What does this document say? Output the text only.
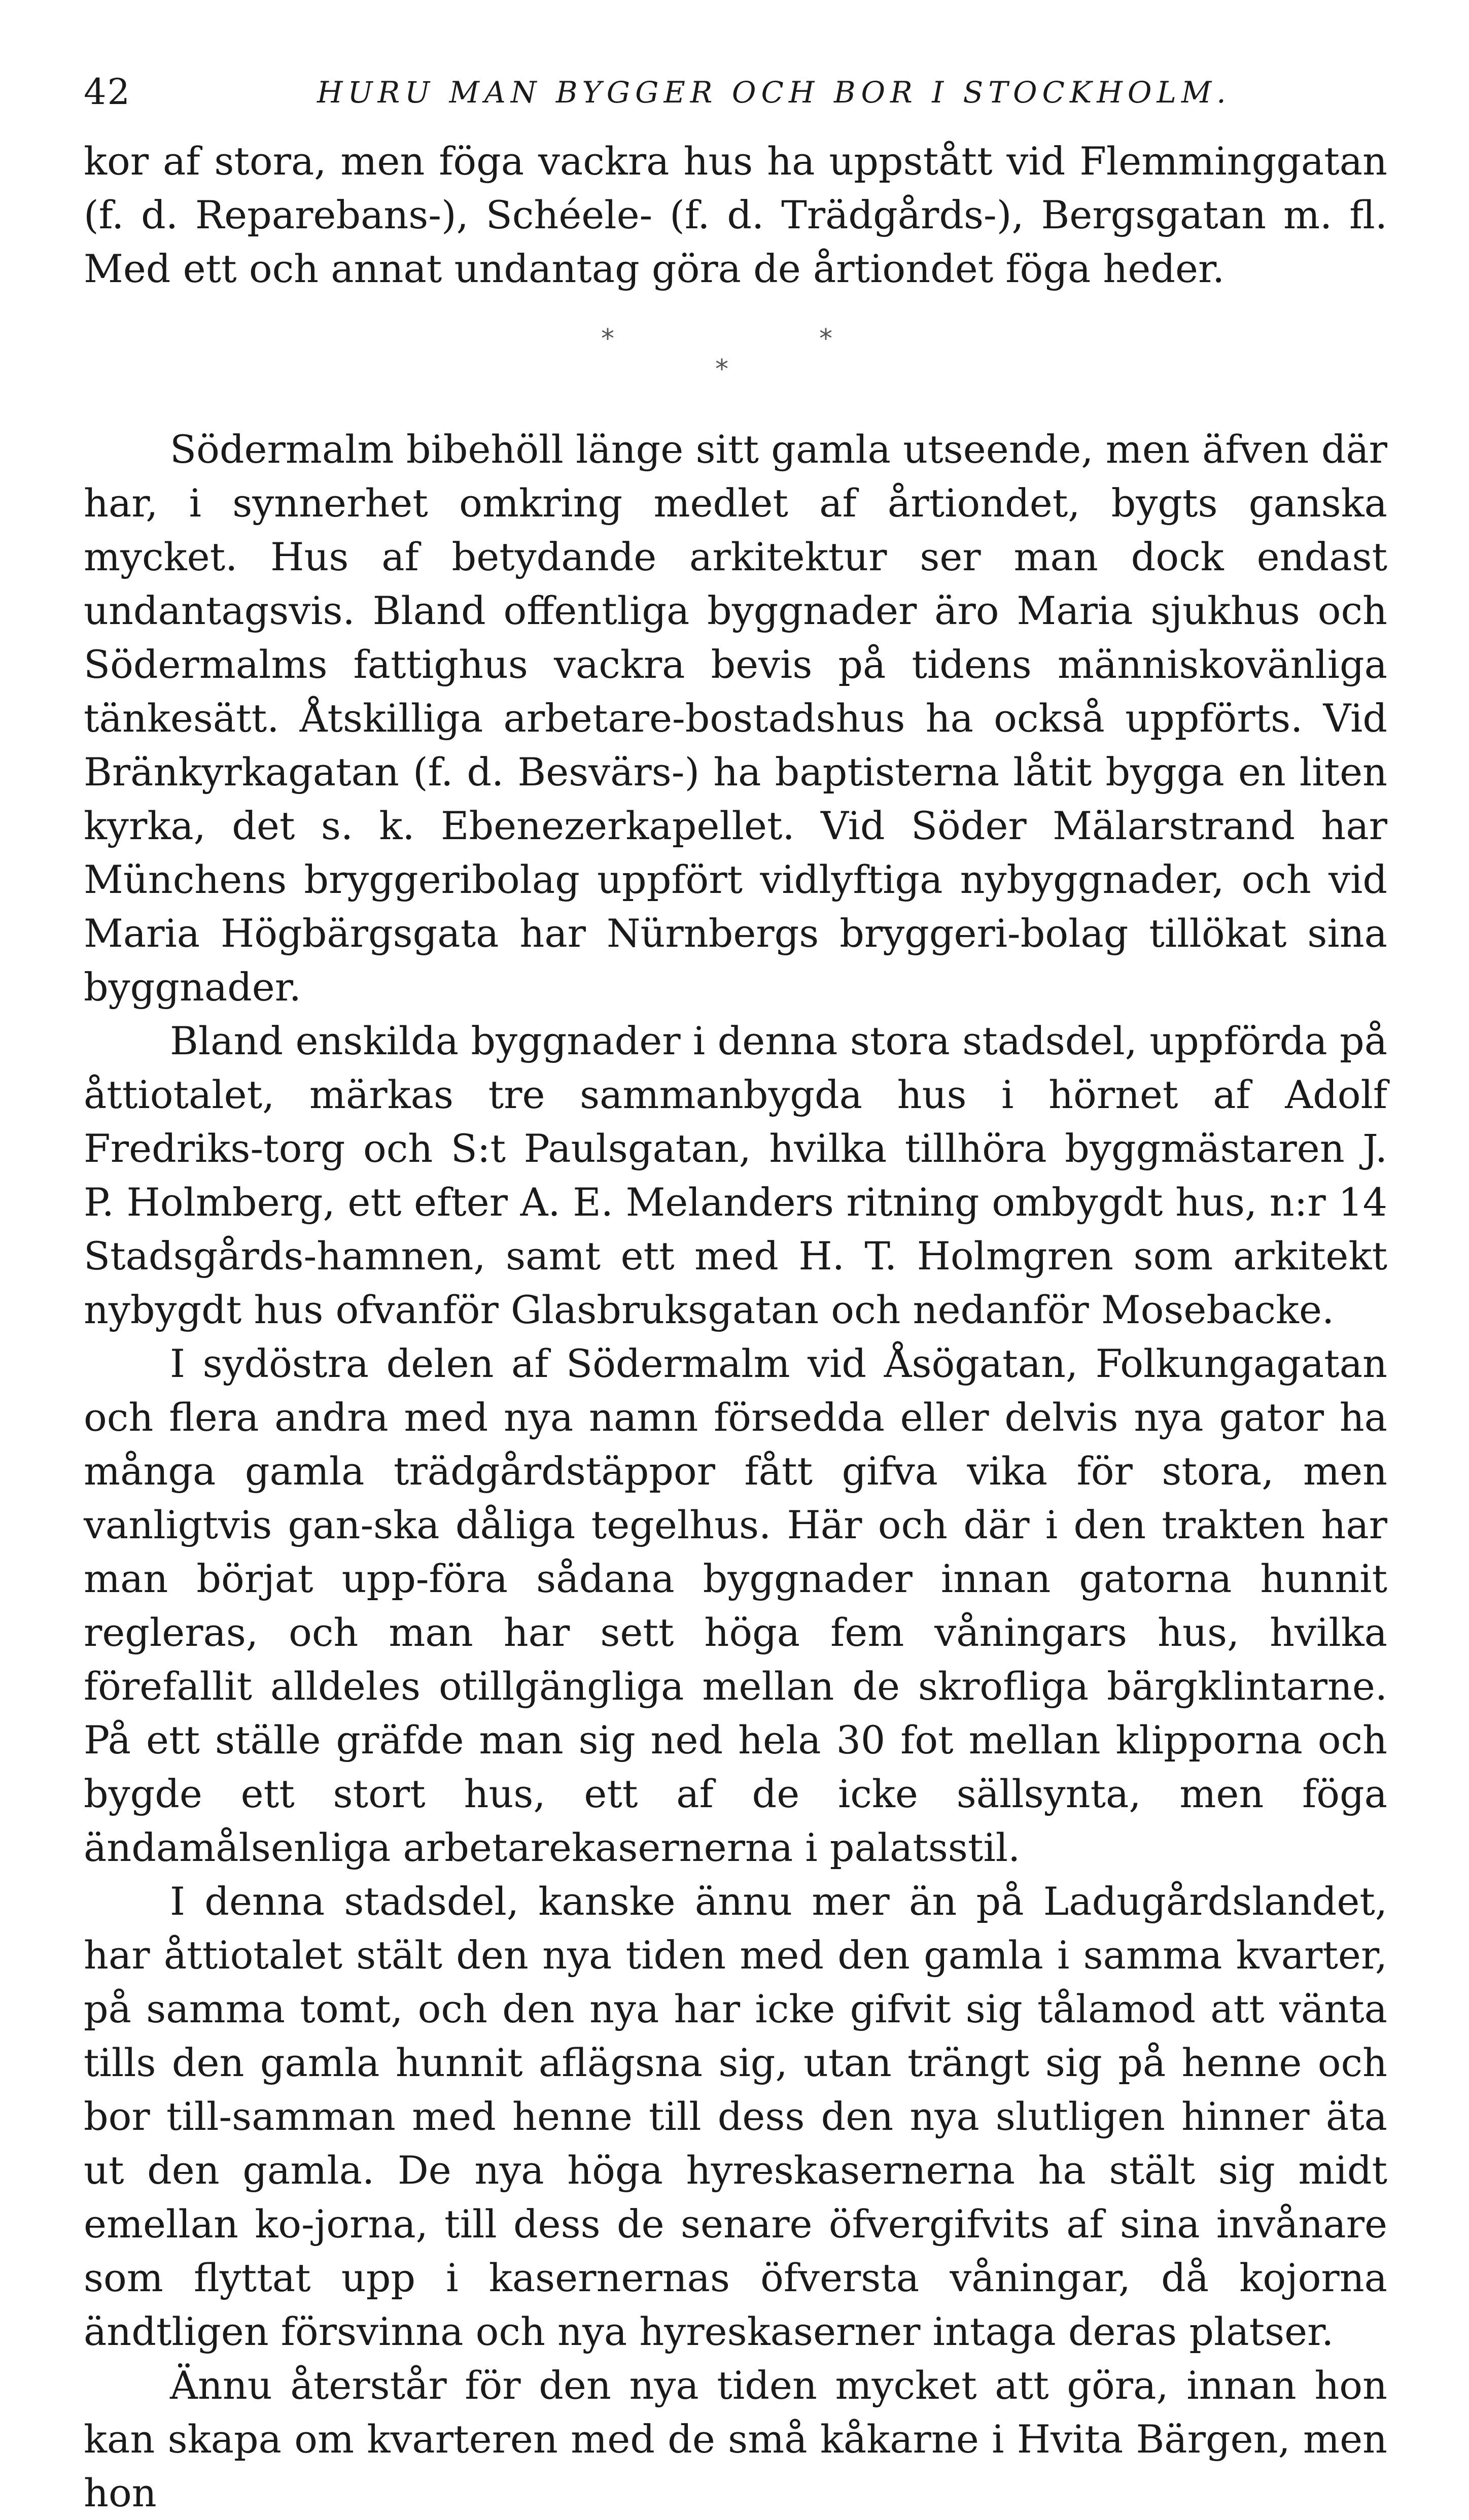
42	HURU MAN BYGGER OCH BOR I STOCKHOLM.

kor af stora, men föga vackra hus ha uppstått vid Flemminggatan (f. d. Reparebans-), Schéele- (f. d. Trädgårds-), Bergsgatan m. fl. Med ett och annat undantag göra de årtiondet föga heder.

*	*
*

Södermalm bibehöll länge sitt gamla utseende, men äfven där har, i synnerhet omkring medlet af årtiondet, bygts ganska mycket. Hus af betydande arkitektur ser man dock endast undantagsvis. Bland offentliga byggnader äro Maria sjukhus och Södermalms fattighus vackra bevis på tidens människovänliga tänkesätt. Åtskilliga arbetare-bostadshus ha också uppförts. Vid Bränkyrkagatan (f. d. Besvärs-) ha baptisterna låtit bygga en liten kyrka, det s. k. Ebenezerkapellet. Vid Söder Mälarstrand har Münchens bryggeribolag uppfört vidlyftiga nybyggnader, och vid Maria Högbärgsgata har Nürnbergs bryggeri-bolag tillökat sina byggnader.

Bland enskilda byggnader i denna stora stadsdel, uppförda på åttiotalet, märkas tre sammanbygda hus i hörnet af Adolf Fredriks-torg och S:t Paulsgatan, hvilka tillhöra byggmästaren J. P. Holmberg, ett efter A. E. Melanders ritning ombygdt hus, n:r 14 Stadsgårds-hamnen, samt ett med H. T. Holmgren som arkitekt nybygdt hus ofvanför Glasbruksgatan och nedanför Mosebacke.

I sydöstra delen af Södermalm vid Åsögatan, Folkungagatan och flera andra med nya namn försedda eller delvis nya gator ha många gamla trädgårdstäppor fått gifva vika för stora, men vanligtvis gan-ska dåliga tegelhus. Här och där i den trakten har man börjat upp-föra sådana byggnader innan gatorna hunnit regleras, och man har sett höga fem våningars hus, hvilka förefallit alldeles otillgängliga mellan de skrofliga bärgklintarne. På ett ställe gräfde man sig ned hela 30 fot mellan klipporna och bygde ett stort hus, ett af de icke sällsynta, men föga ändamålsenliga arbetarekasernerna i palatsstil.

I denna stadsdel, kanske ännu mer än på Ladugårdslandet, har åttiotalet stält den nya tiden med den gamla i samma kvarter, på samma tomt, och den nya har icke gifvit sig tålamod att vänta tills den gamla hunnit aflägsna sig, utan trängt sig på henne och bor till-samman med henne till dess den nya slutligen hinner äta ut den gamla. De nya höga hyreskasernerna ha stält sig midt emellan ko-jorna, till dess de senare öfvergifvits af sina invånare som flyttat upp i kasernernas öfversta våningar, då kojorna ändtligen försvinna och nya hyreskaserner intaga deras platser.

Ännu återstår för den nya tiden mycket att göra, innan hon kan skapa om kvarteren med de små kåkarne i Hvita Bärgen, men hon
